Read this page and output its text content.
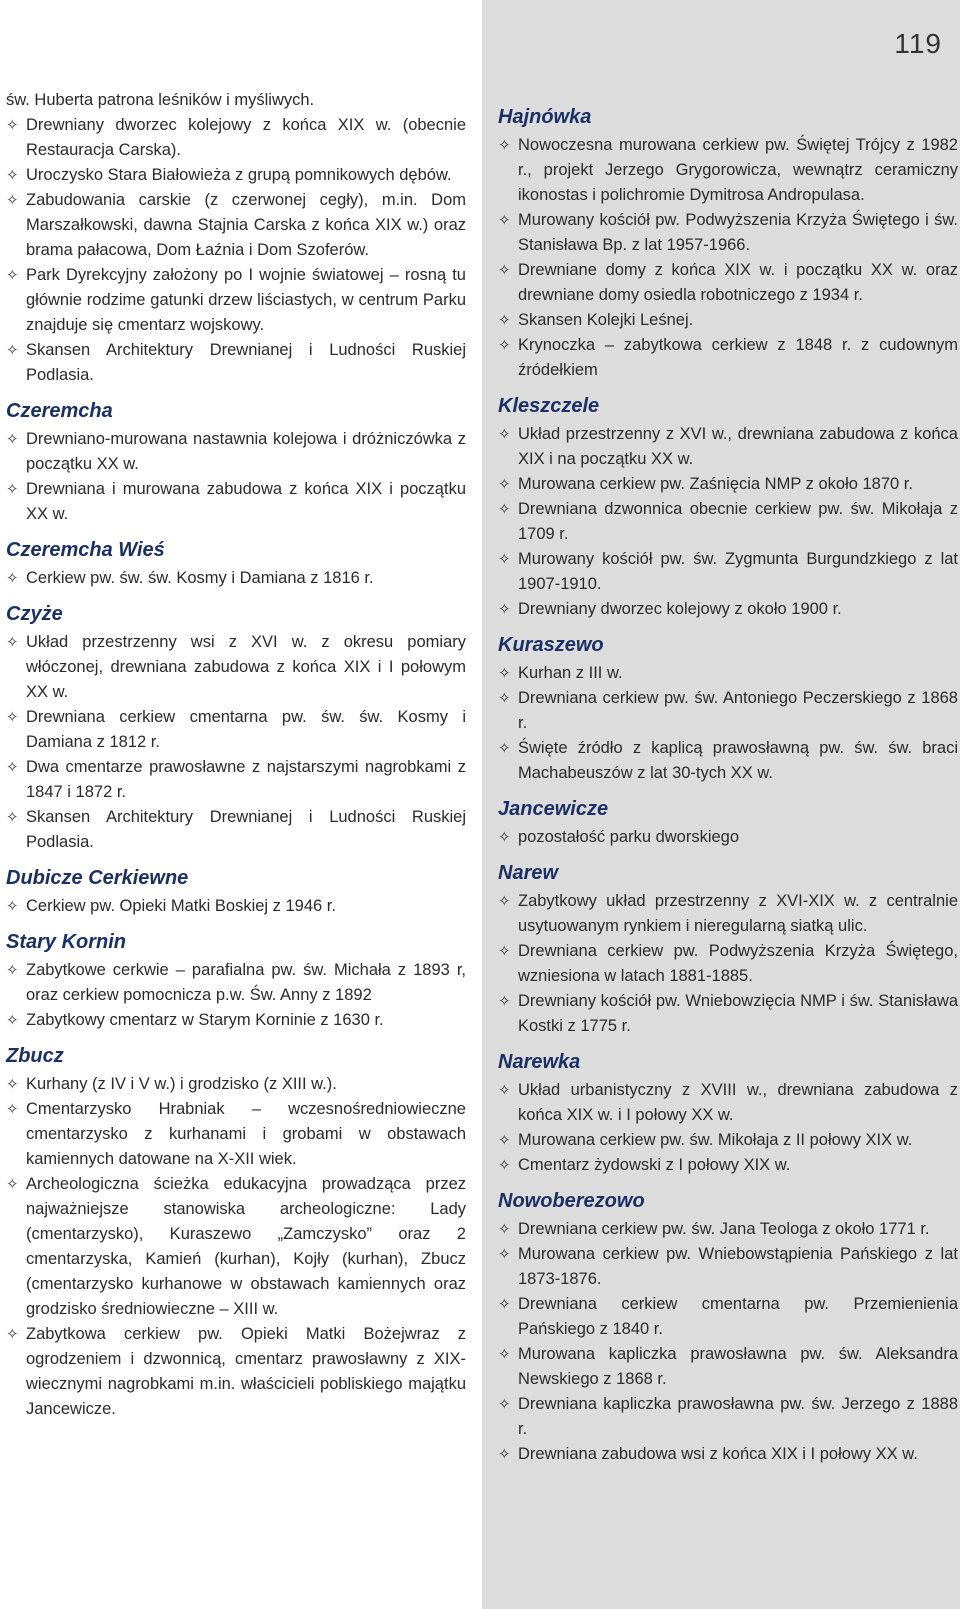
119
św. Huberta patrona leśników i myśliwych.
✧ Drewniany dworzec kolejowy z końca XIX w. (obecnie Restauracja Carska).
✧ Uroczysko Stara Białowieża z grupą pomnikowych dębów.
✧ Zabudowania carskie (z czerwonej cegły), m.in. Dom Marszałkowski, dawna Stajnia Carska z końca XIX w.) oraz brama pałacowa, Dom Łaźnia i Dom Szoferów.
✧ Park Dyrekcyjny założony po I wojnie światowej – rosną tu głównie rodzime gatunki drzew liściastych, w centrum Parku znajduje się cmentarz wojskowy.
✧ Skansen Architektury Drewnianej i Ludności Ruskiej Podlasia.
Czeremcha
✧ Drewniano-murowana nastawnia kolejowa i dróżniczówka z początku XX w.
✧ Drewniana i murowana zabudowa z końca XIX i początku XX w.
Czeremcha Wieś
✧ Cerkiew pw. św. św. Kosmy i Damiana z 1816 r.
Czyże
✧ Układ przestrzenny wsi z XVI w. z okresu pomiary włóczonej, drewniana zabudowa z końca XIX i I połowym XX w.
✧ Drewniana cerkiew cmentarna pw. św. św. Kosmy i Damiana z 1812 r.
✧ Dwa cmentarze prawosławne z najstarszymi nagrobkami z 1847 i 1872 r.
✧ Skansen Architektury Drewnianej i Ludności Ruskiej Podlasia.
Dubicze Cerkiewne
✧ Cerkiew pw. Opieki Matki Boskiej z 1946 r.
Stary Kornin
✧ Zabytkowe cerkwie – parafialna pw. św. Michała z 1893 r, oraz cerkiew pomocnicza p.w. Św. Anny z 1892
✧ Zabytkowy cmentarz w Starym Korninie z 1630 r.
Zbucz
✧ Kurhany (z IV i V w.) i grodzisko (z XIII w.).
✧ Cmentarzysko Hrabniak – wczesnośredniowieczne cmentarzysko z kurhanami i grobami w obstawach kamiennych datowane na X-XII wiek.
✧ Archeologiczna ścieżka edukacyjna prowadząca przez najważniejsze stanowiska archeologiczne: Lady (cmentarzysko), Kuraszewo „Zamczysko” oraz 2 cmentarzyska, Kamień (kurhan), Kojły (kurhan), Zbucz (cmentarzysko kurhanowe w obstawach kamiennych oraz grodzisko średniowieczne – XIII w.
✧ Zabytkowa cerkiew pw. Opieki Matki Bożejwraz z ogrodzeniem i dzwonnicą, cmentarz prawosławny z XIX-wiecznymi nagrobkami m.in. właścicieli pobliskiego majątku Jancewicze.
Hajnówka
✧ Nowoczesna murowana cerkiew pw. Świętej Trójcy z 1982 r., projekt Jerzego Grygorowicza, wewnątrz ceramiczny ikonostas i polichromie Dymitrosa Andropulasa.
✧ Murowany kościół pw. Podwyższenia Krzyża Świętego i św. Stanisława Bp. z lat 1957-1966.
✧ Drewniane domy z końca XIX w. i początku XX w. oraz drewniane domy osiedla robotniczego z 1934 r.
✧ Skansen Kolejki Leśnej.
✧ Krynoczka – zabytkowa cerkiew z 1848 r. z cudownym źródełkiem
Kleszczele
✧ Układ przestrzenny z XVI w., drewniana zabudowa z końca XIX i na początku XX w.
✧ Murowana cerkiew pw. Zaśnięcia NMP z około 1870 r.
✧ Drewniana dzwonnica obecnie cerkiew pw. św. Mikołaja z 1709 r.
✧ Murowany kościół pw. św. Zygmunta Burgundzkiego z lat 1907-1910.
✧ Drewniany dworzec kolejowy z około 1900 r.
Kuraszewo
✧ Kurhan z III w.
✧ Drewniana cerkiew pw. św. Antoniego Peczerskiego z 1868 r.
✧ Święte źródło z kaplicą prawosławną pw. św. św. braci Machabeuszów z lat 30-tych XX w.
Jancewicze
✧ pozostałość parku dworskiego
Narew
✧ Zabytkowy układ przestrzenny z XVI-XIX w. z centralnie usytuowanym rynkiem i nieregularną siatką ulic.
✧ Drewniana cerkiew pw. Podwyższenia Krzyża Świętego, wzniesiona w latach 1881-1885.
✧ Drewniany kościół pw. Wniebowzięcia NMP i św. Stanisława Kostki z 1775 r.
Narewka
✧ Układ urbanistyczny z XVIII w., drewniana zabudowa z końca XIX w. i I połowy XX w.
✧ Murowana cerkiew pw. św. Mikołaja z II połowy XIX w.
✧ Cmentarz żydowski z I połowy XIX w.
Nowoberezowo
✧ Drewniana cerkiew pw. św. Jana Teologa z około 1771 r.
✧ Murowana cerkiew pw. Wniebowstąpienia Pańskiego z lat 1873-1876.
✧ Drewniana cerkiew cmentarna pw. Przemienienia Pańskiego z 1840 r.
✧ Murowana kapliczka prawosławna pw. św. Aleksandra Newskiego z 1868 r.
✧ Drewniana kapliczka prawosławna pw. św. Jerzego z 1888 r.
✧ Drewniana zabudowa wsi z końca XIX i I połowy XX w.
